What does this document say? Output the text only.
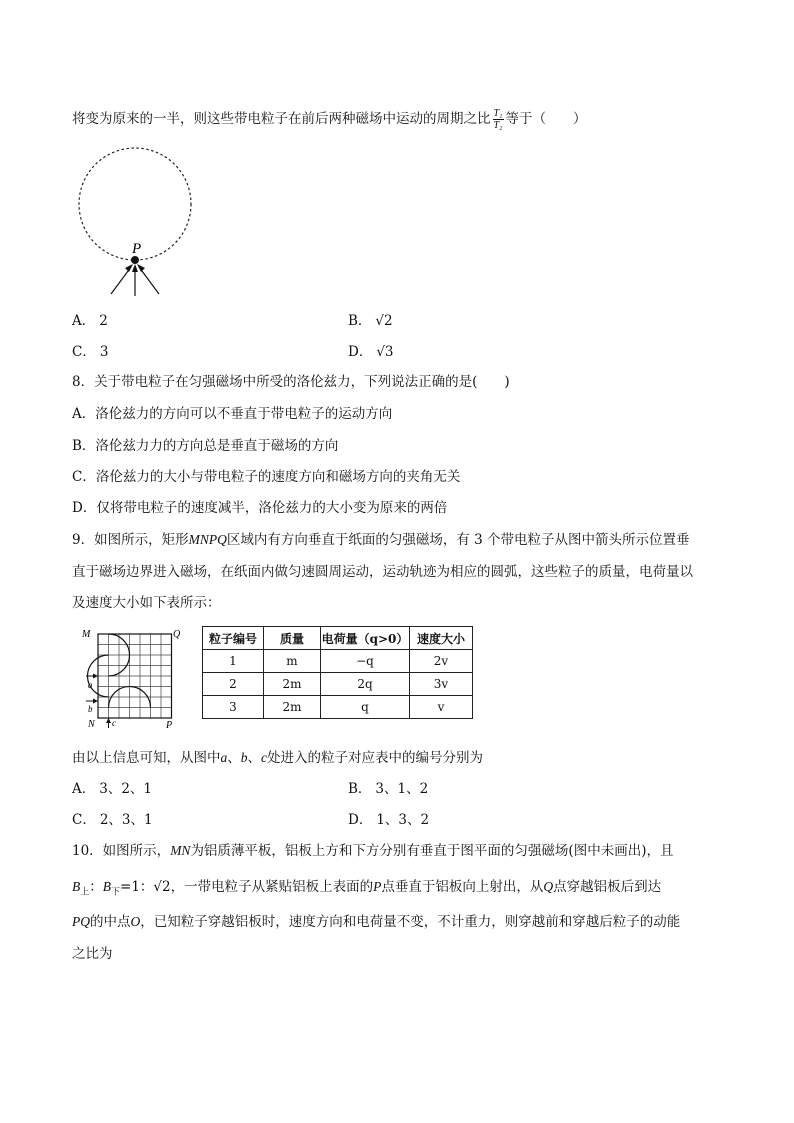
将变为原来的一半，则这些带电粒子在前后两种磁场中运动的周期之比 $\frac{\text{T₁}}{\text{T₂}}$ 等于（　　）
P
A． 2	B． √2
C． 3	D． √3
8．关于带电粒子在匀强磁场中所受的洛伦兹力，下列说法正确的是(　　)
A．洛伦兹力的方向可以不垂直于带电粒子的运动方向
B．洛伦兹力力的方向总是垂直于磁场的方向
C．洛伦兹力的大小与带电粒子的速度方向和磁场方向的夹角无关
D．仅将带电粒子的速度减半，洛伦兹力的大小变为原来的两倍
9．如图所示，矩形MNPQ区域内有方向垂直于纸面的匀强磁场，有 3 个带电粒子从图中箭头所示位置垂
直于磁场边界进入磁场，在纸面内做匀速圆周运动，运动轨迹为相应的圆弧，这些粒子的质量，电荷量以
及速度大小如下表所示：
M	Q
N	P
a
b
c
粒子编号	质量	电荷量（q>0）	速度大小
1	m	−q	2v
2	2m	2q	3v
3	2m	q	v
由以上信息可知，从图中a、b、c处进入的粒子对应表中的编号分别为
A． 3、2、1	B． 3、1、2
C． 2、3、1	D． 1、3、2
10．如图所示，MN为铝质薄平板，铝板上方和下方分别有垂直于图平面的匀强磁场(图中未画出)，且
$B_上$：$B_下=1$：√2，一带电粒子从紧贴铝板上表面的P点垂直于铝板向上射出，从Q点穿越铝板后到达
PQ的中点O，已知粒子穿越铝板时，速度方向和电荷量不变，不计重力，则穿越前和穿越后粒子的动能
之比为
